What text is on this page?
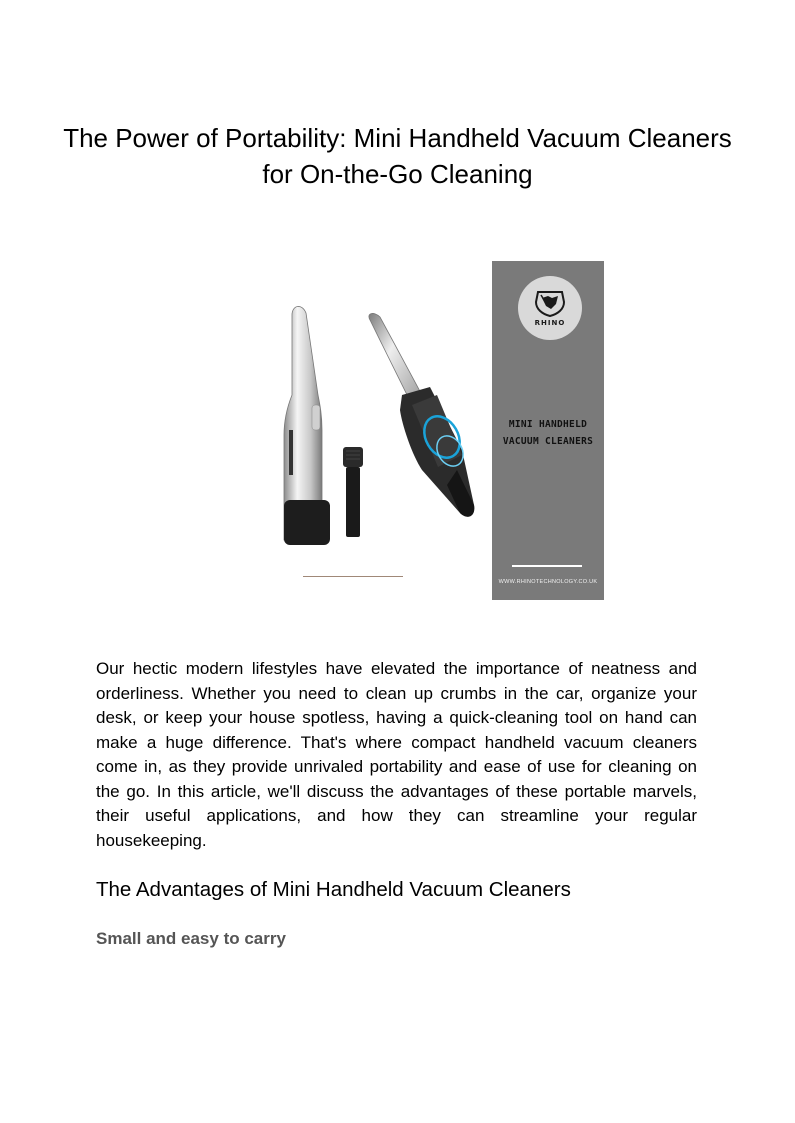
The Power of Portability: Mini Handheld Vacuum Cleaners for On-the-Go Cleaning
RHINO
MINI HANDHELD
VACUUM CLEANERS
WWW.RHINOTECHNOLOGY.CO.UK

Our hectic modern lifestyles have elevated the importance of neatness and orderliness. Whether you need to clean up crumbs in the car, organize your desk, or keep your house spotless, having a quick-cleaning tool on hand can make a huge difference. That's where compact handheld vacuum cleaners come in, as they provide unrivaled portability and ease of use for cleaning on the go. In this article, we'll discuss the advantages of these portable marvels, their useful applications, and how they can streamline your regular housekeeping.

The Advantages of Mini Handheld Vacuum Cleaners
Small and easy to carry
